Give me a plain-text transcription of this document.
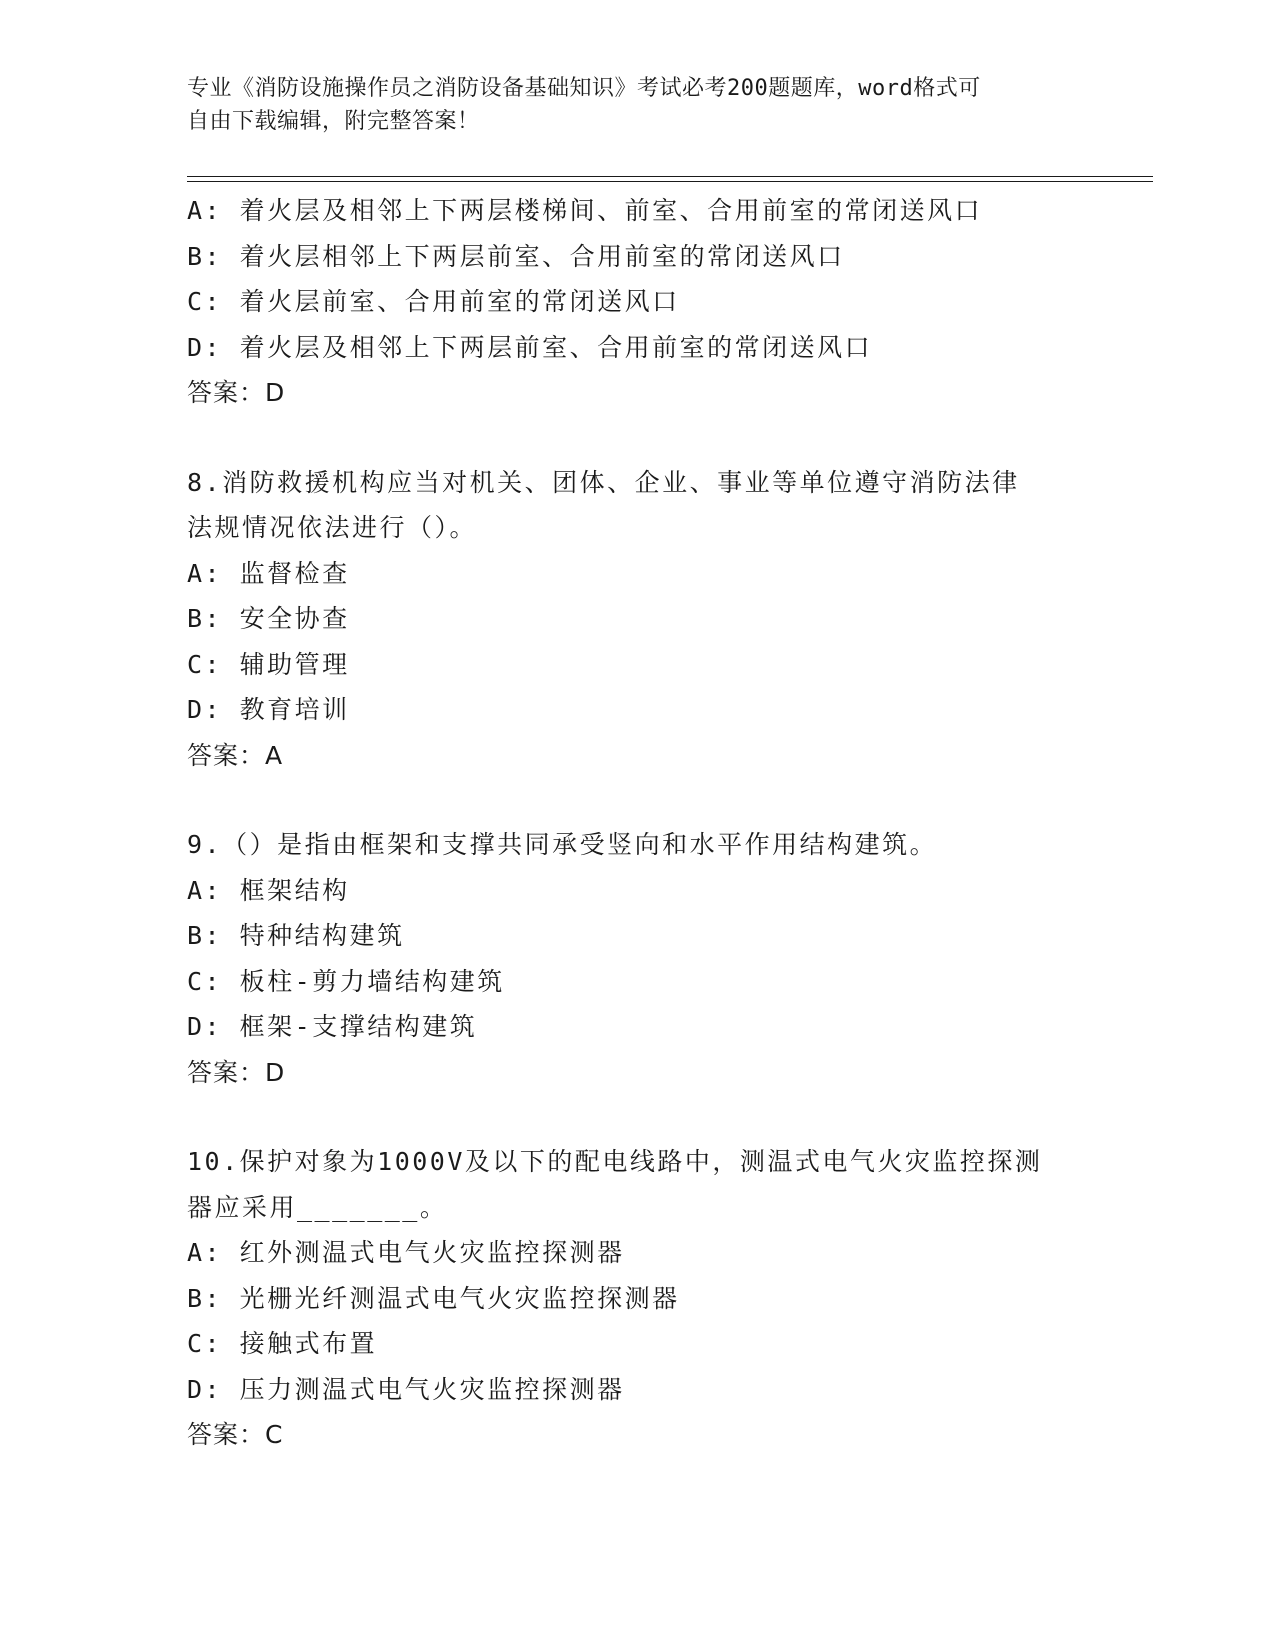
专业《消防设施操作员之消防设备基础知识》考试必考200题题库，word格式可
自由下载编辑，附完整答案！
A: 着火层及相邻上下两层楼梯间、前室、合用前室的常闭送风口
B: 着火层相邻上下两层前室、合用前室的常闭送风口
C: 着火层前室、合用前室的常闭送风口
D: 着火层及相邻上下两层前室、合用前室的常闭送风口
答案：D
8.消防救援机构应当对机关、团体、企业、事业等单位遵守消防法律
法规情况依法进行（）。
A: 监督检查
B: 安全协查
C: 辅助管理
D: 教育培训
答案：A
9.（）是指由框架和支撑共同承受竖向和水平作用结构建筑。
A: 框架结构
B: 特种结构建筑
C: 板柱-剪力墙结构建筑
D: 框架-支撑结构建筑
答案：D
10.保护对象为1000V及以下的配电线路中，测温式电气火灾监控探测
器应采用_______。
A: 红外测温式电气火灾监控探测器
B: 光栅光纤测温式电气火灾监控探测器
C: 接触式布置
D: 压力测温式电气火灾监控探测器
答案：C
